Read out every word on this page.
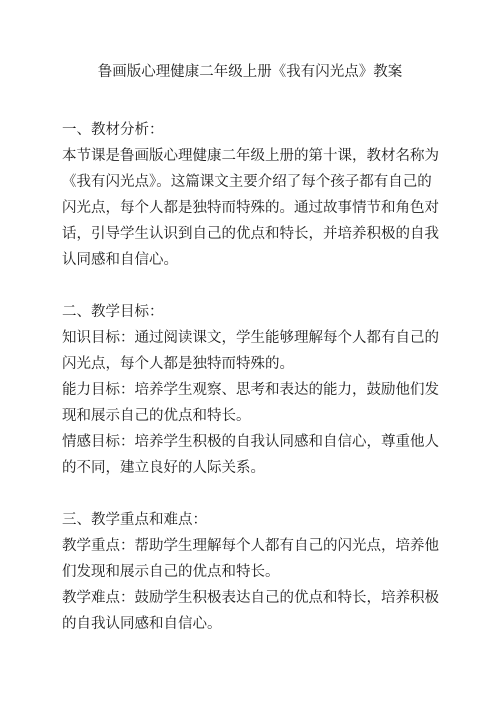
鲁画版心理健康二年级上册《我有闪光点》教案

一、教材分析：

本节课是鲁画版心理健康二年级上册的第十课，教材名称为

《我有闪光点》。这篇课文主要介绍了每个孩子都有自己的

闪光点，每个人都是独特而特殊的。通过故事情节和角色对

话，引导学生认识到自己的优点和特长，并培养积极的自我

认同感和自信心。

二、教学目标：

知识目标：通过阅读课文，学生能够理解每个人都有自己的

闪光点，每个人都是独特而特殊的。

能力目标：培养学生观察、思考和表达的能力，鼓励他们发

现和展示自己的优点和特长。

情感目标：培养学生积极的自我认同感和自信心，尊重他人

的不同，建立良好的人际关系。

三、教学重点和难点：

教学重点：帮助学生理解每个人都有自己的闪光点，培养他

们发现和展示自己的优点和特长。

教学难点：鼓励学生积极表达自己的优点和特长，培养积极

的自我认同感和自信心。
